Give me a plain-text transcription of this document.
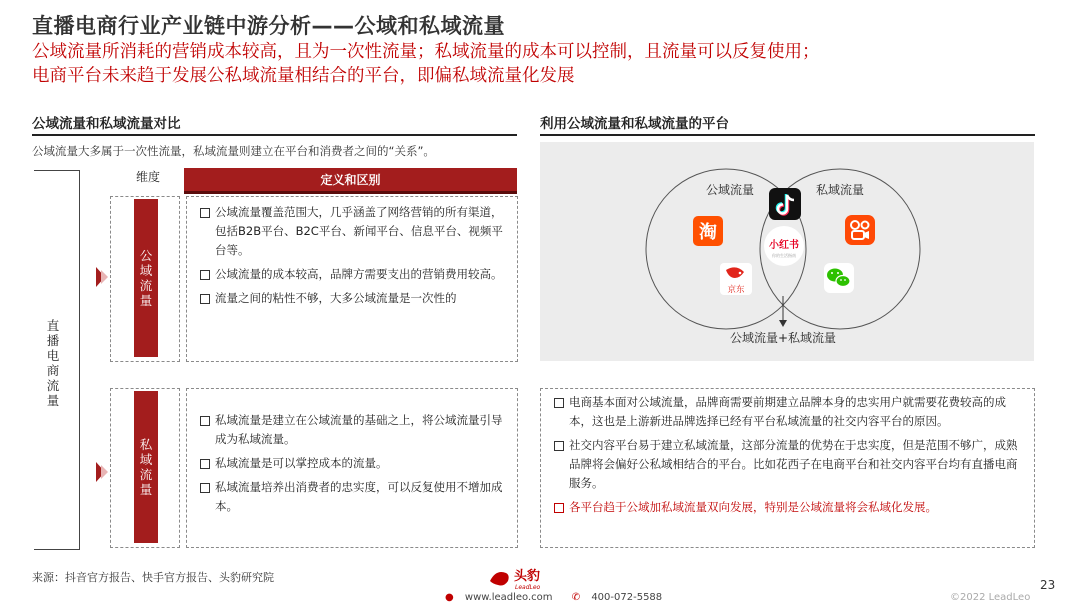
直播电商行业产业链中游分析——公域和私域流量
公域流量所消耗的营销成本较高，且为一次性流量；私域流量的成本可以控制，且流量可以反复使用；
电商平台未来趋于发展公私域流量相结合的平台，即偏私域流量化发展
公域流量和私域流量对比
公域流量大多属于一次性流量，私域流量则建立在平台和消费者之间的“关系”。
直播电商流量
维度	定义和区别
公域流量
公域流量覆盖范围大，几乎涵盖了网络营销的所有渠道，包括B2B平台、B2C平台、新闻平台、信息平台、视频平台等。
公域流量的成本较高，品牌方需要支出的营销费用较高。
流量之间的粘性不够，大多公域流量是一次性的
私域流量
私域流量是建立在公域流量的基础之上，将公域流量引导成为私域流量。
私域流量是可以掌控成本的流量。
私域流量培养出消费者的忠实度，可以反复使用不增加成本。
利用公域流量和私域流量的平台
公域流量	私域流量
公域流量+私域流量
淘
京东
小红书
你的生活指南
电商基本面对公域流量，品牌商需要前期建立品牌本身的忠实用户就需要花费较高的成本，这也是上游新进品牌选择已经有平台私域流量的社交内容平台的原因。
社交内容平台易于建立私域流量，这部分流量的优势在于忠实度，但是范围不够广，成熟品牌将会偏好公私域相结合的平台。比如花西子在电商平台和社交内容平台均有直播电商服务。
各平台趋于公域加私域流量双向发展，特别是公域流量将会私域化发展。
来源：抖音官方报告、快手官方报告、头豹研究院	头豹
LeadLeo
● www.leadleo.com ✆ 400-072-5588	©2022 LeadLeo
23
